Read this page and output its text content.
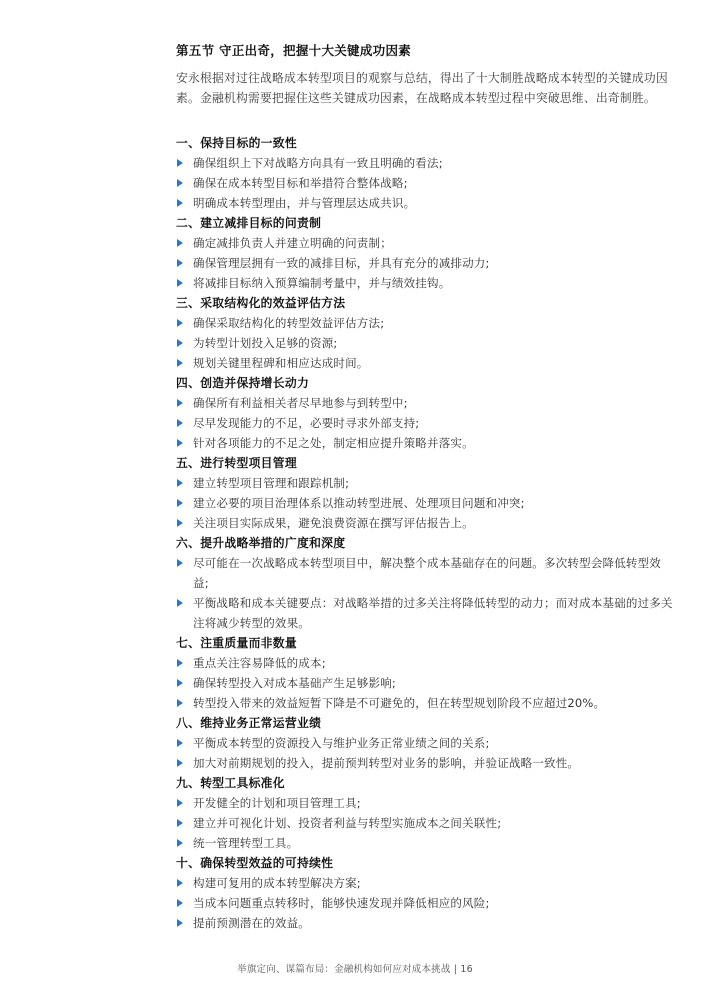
第五节 守正出奇，把握十大关键成功因素

安永根据对过往战略成本转型项目的观察与总结，得出了十大制胜战略成本转型的关键成功因素。金融机构需要把握住这些关键成功因素，在战略成本转型过程中突破思维、出奇制胜。

一、保持目标的一致性
确保组织上下对战略方向具有一致且明确的看法;
确保在成本转型目标和举措符合整体战略;
明确成本转型理由，并与管理层达成共识。
二、建立减排目标的问责制
确定减排负责人并建立明确的问责制；
确保管理层拥有一致的减排目标，并具有充分的减排动力;
将减排目标纳入预算编制考量中，并与绩效挂钩。
三、采取结构化的效益评估方法
确保采取结构化的转型效益评估方法;
为转型计划投入足够的资源;
规划关键里程碑和相应达成时间。
四、创造并保持增长动力
确保所有利益相关者尽早地参与到转型中;
尽早发现能力的不足，必要时寻求外部支持;
针对各项能力的不足之处，制定相应提升策略并落实。
五、进行转型项目管理
建立转型项目管理和跟踪机制;
建立必要的项目治理体系以推动转型进展、处理项目问题和冲突;
关注项目实际成果，避免浪费资源在撰写评估报告上。
六、提升战略举措的广度和深度
尽可能在一次战略成本转型项目中，解决整个成本基础存在的问题。多次转型会降低转型效益;
平衡战略和成本关键要点：对战略举措的过多关注将降低转型的动力；而对成本基础的过多关注将减少转型的效果。
七、注重质量而非数量
重点关注容易降低的成本;
确保转型投入对成本基础产生足够影响;
转型投入带来的效益短暂下降是不可避免的，但在转型规划阶段不应超过20%。
八、维持业务正常运营业绩
平衡成本转型的资源投入与维护业务正常业绩之间的关系;
加大对前期规划的投入，提前预判转型对业务的影响，并验证战略一致性。
九、转型工具标准化
开发健全的计划和项目管理工具;
建立并可视化计划、投资者利益与转型实施成本之间关联性;
统一管理转型工具。
十、确保转型效益的可持续性
构建可复用的成本转型解决方案;
当成本问题重点转移时，能够快速发现并降低相应的风险;
提前预测潜在的效益。
举旗定向、谋篇布局：金融机构如何应对成本挑战 | 16
